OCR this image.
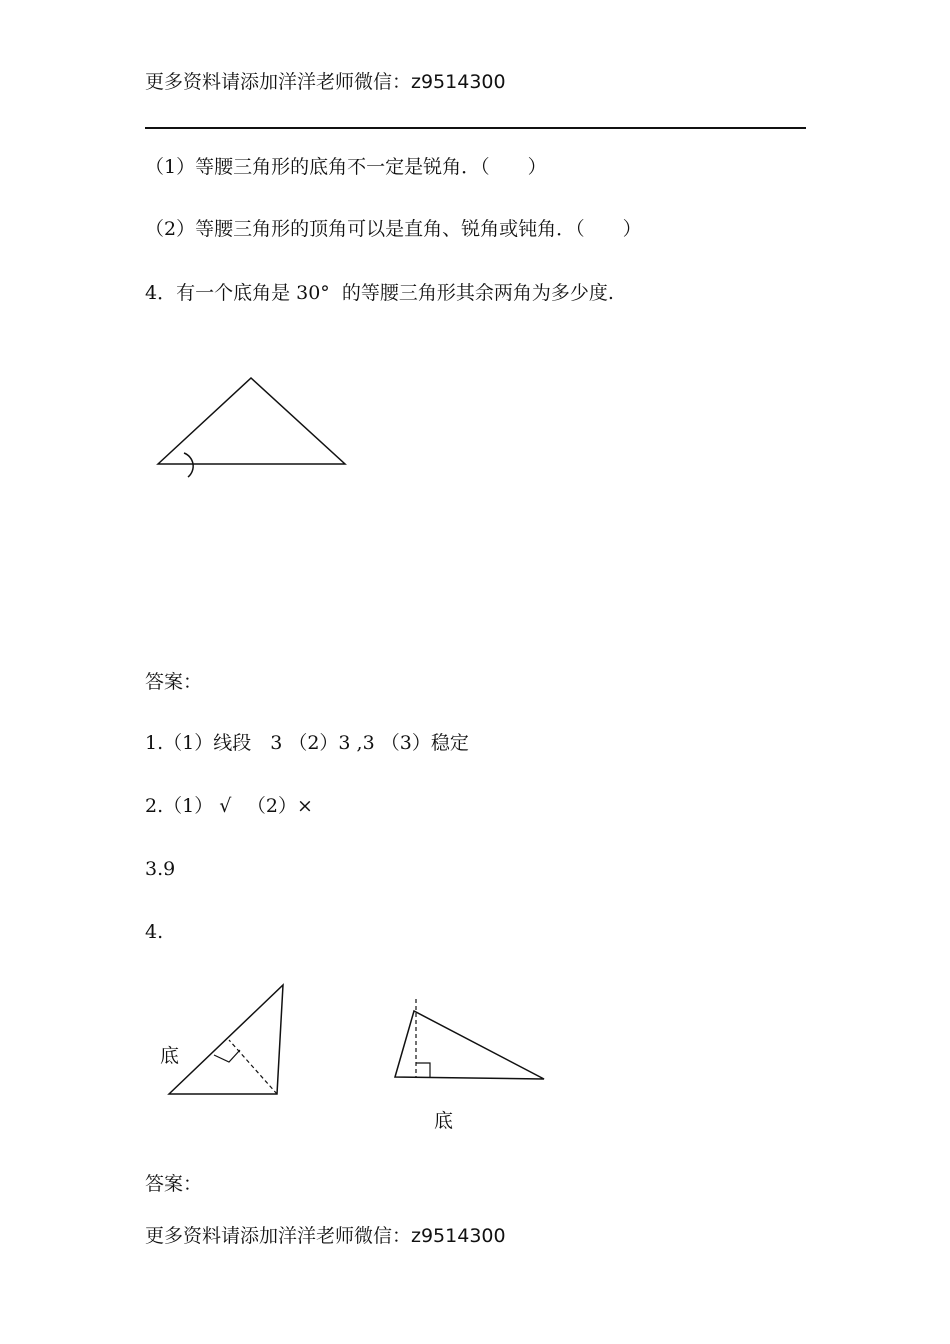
更多资料请添加洋洋老师微信：z9514300
（1）等腰三角形的底角不一定是锐角．（　　）
（2）等腰三角形的顶角可以是直角、锐角或钝角．（　　）
4．有一个底角是 30°  的等腰三角形其余两角为多少度.
答案：
1.（1）线段　3 （2）3 ,3 （3）稳定
2.（1） √ 　（2）×
3.9
4.
底
底
答案：
更多资料请添加洋洋老师微信：z9514300
